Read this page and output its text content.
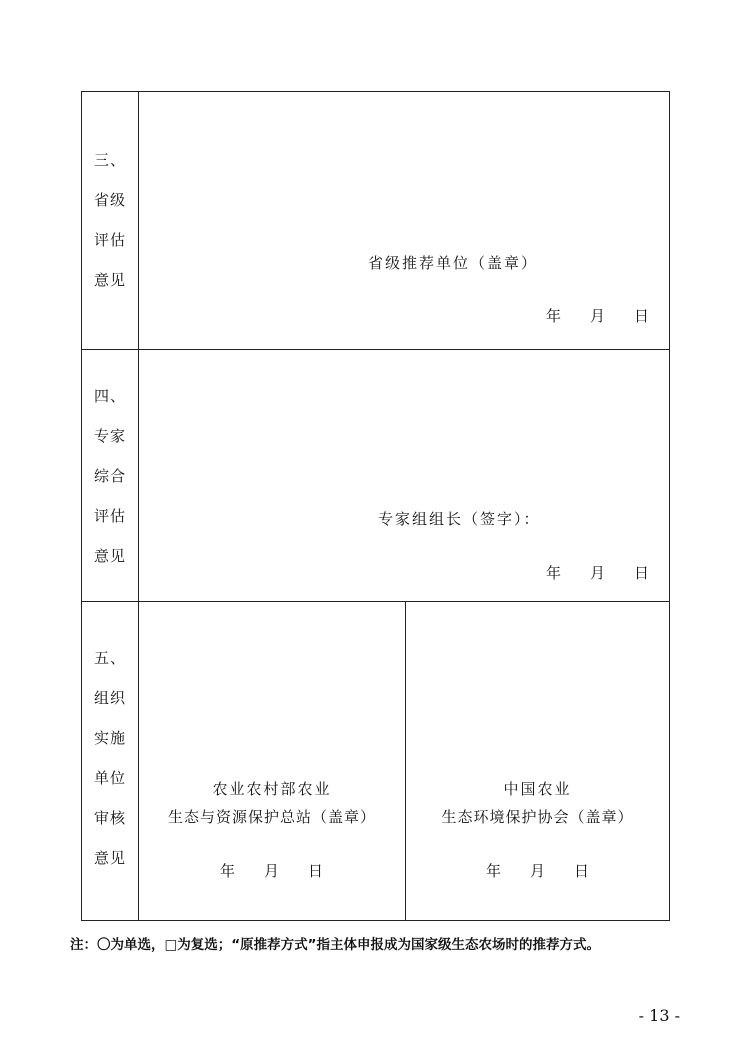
三、
省级
评估
意见
省级推荐单位（盖章）
年 月 日
四、
专家
综合
评估
意见
专家组组长（签字）：
年 月 日
五、
组织
实施
单位
审核
意见
农业农村部农业
生态与资源保护总站（盖章）
年 月 日
中国农业
生态环境保护协会（盖章）
年 月 日
注：〇为单选，□为复选；“原推荐方式”指主体申报成为国家级生态农场时的推荐方式。
- 13 -
